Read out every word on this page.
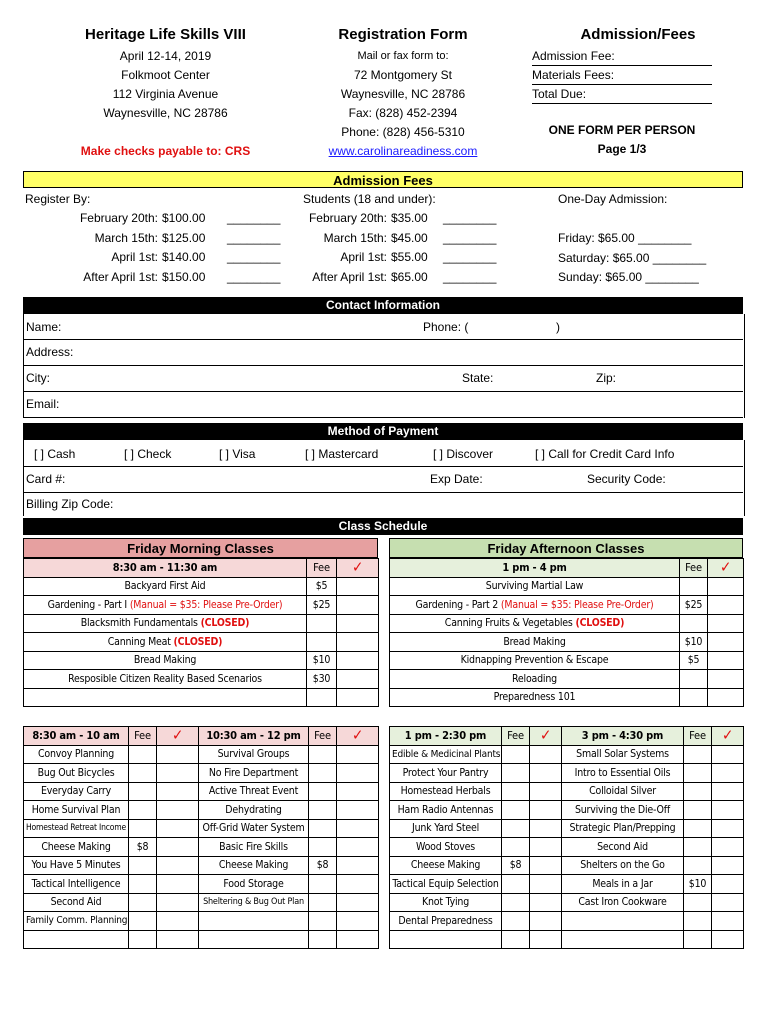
Heritage Life Skills VIII
April 12-14, 2019
Folkmoot Center
112 Virginia Avenue
Waynesville, NC 28786
Make checks payable to: CRS
Registration Form
Mail or fax form to:
72 Montgomery St
Waynesville, NC 28786
Fax: (828) 452-2394
Phone: (828) 456-5310
www.carolinareadiness.com
Admission/Fees
Admission Fee:
Materials Fees:
Total Due:
ONE FORM PER PERSON
Page 1/3
Admission Fees
Register By:
February 20th: $100.00	________
March 15th: $125.00	________
April 1st: $140.00	________
After April 1st: $150.00	________
Students (18 and under):
February 20th: $35.00	________
March 15th: $45.00	________
April 1st: $55.00	________
After April 1st: $65.00	________
One-Day Admission:
Friday: $65.00 ________
Saturday: $65.00 ________
Sunday: $65.00 ________
Contact Information
Name:	Phone: (	)
Address:
City:	State:	Zip:
Email:
Method of Payment
[ ] Cash	[ ] Check	[ ] Visa	[ ] Mastercard	[ ] Discover	[ ] Call for Credit Card Info
Card #:	Exp Date:	Security Code:
Billing Zip Code:
Class Schedule
Friday Morning Classes
8:30 am - 11:30 am	Fee	✓
Backyard First Aid	$5	
Gardening - Part I (Manual = $35: Please Pre-Order)	$25	
Blacksmith Fundamentals (CLOSED)		
Canning Meat (CLOSED)		
Bread Making	$10	
Resposible Citizen Reality Based Scenarios	$30	

Friday Afternoon Classes
1 pm - 4 pm	Fee	✓
Surviving Martial Law		
Gardening - Part 2 (Manual = $35: Please Pre-Order)	$25	
Canning Fruits & Vegetables (CLOSED)		
Bread Making	$10	
Kidnapping Prevention & Escape	$5	
Reloading		
Preparedness 101		
8:30 am - 10 am	Fee	✓
Convoy Planning		
Bug Out Bicycles		
Everyday Carry		
Home Survival Plan		
Homestead Retreat Income		
Cheese Making	$8	
You Have 5 Minutes		
Tactical Intelligence		
Second Aid		
Family Comm. Planning		

10:30 am - 12 pm	Fee	✓
Survival Groups		
No Fire Department		
Active Threat Event		
Dehydrating		
Off-Grid Water System		
Basic Fire Skills		
Cheese Making	$8	
Food Storage		
Sheltering & Bug Out Plan		

1 pm - 2:30 pm	Fee	✓
Edible & Medicinal Plants		
Protect Your Pantry		
Homestead Herbals		
Ham Radio Antennas		
Junk Yard Steel		
Wood Stoves		
Cheese Making	$8	
Tactical Equip Selection		
Knot Tying		
Dental Preparedness		

3 pm - 4:30 pm	Fee	✓
Small Solar Systems		
Intro to Essential Oils		
Colloidal Silver		
Surviving the Die-Off		
Strategic Plan/Prepping		
Second Aid		
Shelters on the Go		
Meals in a Jar	$10	
Cast Iron Cookware		
